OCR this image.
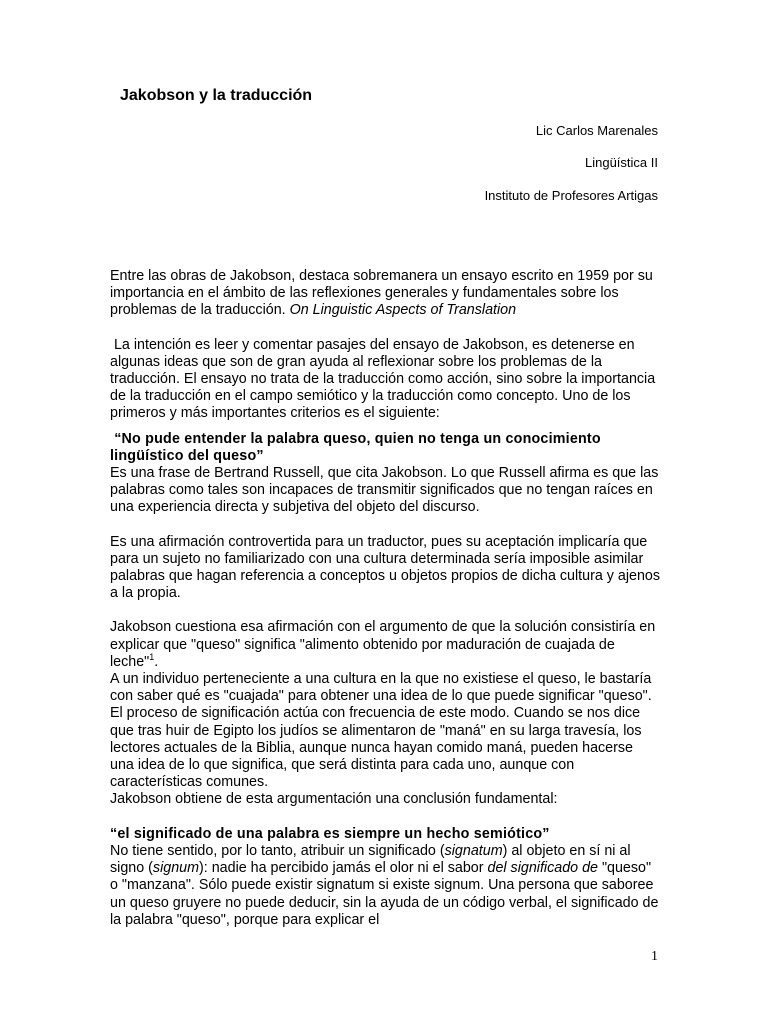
Jakobson y la traducción

Lic Carlos Marenales

Lingüística II

Instituto de Profesores Artigas

Entre las obras de Jakobson, destaca sobremanera un ensayo escrito en 1959 por su importancia en el ámbito de las reflexiones generales y fundamentales sobre los problemas de la traducción. On Linguistic Aspects of Translation

La intención es leer y comentar pasajes del ensayo de Jakobson, es detenerse en algunas ideas que son de gran ayuda al reflexionar sobre los problemas de la traducción. El ensayo no trata de la traducción como acción, sino sobre la importancia de la traducción en el campo semiótico y la traducción como concepto. Uno de los primeros y más importantes criterios es el siguiente:

“No pude entender la palabra queso, quien no tenga un conocimiento lingüístico del queso”

Es una frase de Bertrand Russell, que cita Jakobson. Lo que Russell afirma es que las palabras como tales son incapaces de transmitir significados que no tengan raíces en una experiencia directa y subjetiva del objeto del discurso.

Es una afirmación controvertida para un traductor, pues su aceptación implicaría que para un sujeto no familiarizado con una cultura determinada sería imposible asimilar palabras que hagan referencia a conceptos u objetos propios de dicha cultura y ajenos a la propia.

Jakobson cuestiona esa afirmación con el argumento de que la solución consistiría en explicar que "queso" significa "alimento obtenido por maduración de cuajada de leche"$^1$.

A un individuo perteneciente a una cultura en la que no existiese el queso, le bastaría con saber qué es "cuajada" para obtener una idea de lo que puede significar "queso". El proceso de significación actúa con frecuencia de este modo. Cuando se nos dice que tras huir de Egipto los judíos se alimentaron de "maná" en su larga travesía, los lectores actuales de la Biblia, aunque nunca hayan comido maná, pueden hacerse una idea de lo que significa, que será distinta para cada uno, aunque con características comunes.

Jakobson obtiene de esta argumentación una conclusión fundamental:

“el significado de una palabra es siempre un hecho semiótico”

No tiene sentido, por lo tanto, atribuir un significado (signatum) al objeto en sí ni al signo (signum): nadie ha percibido jamás el olor ni el sabor del significado de "queso" o "manzana". Sólo puede existir signatum si existe signum. Una persona que saboree un queso gruyere no puede deducir, sin la ayuda de un código verbal, el significado de la palabra "queso", porque para explicar el

1
